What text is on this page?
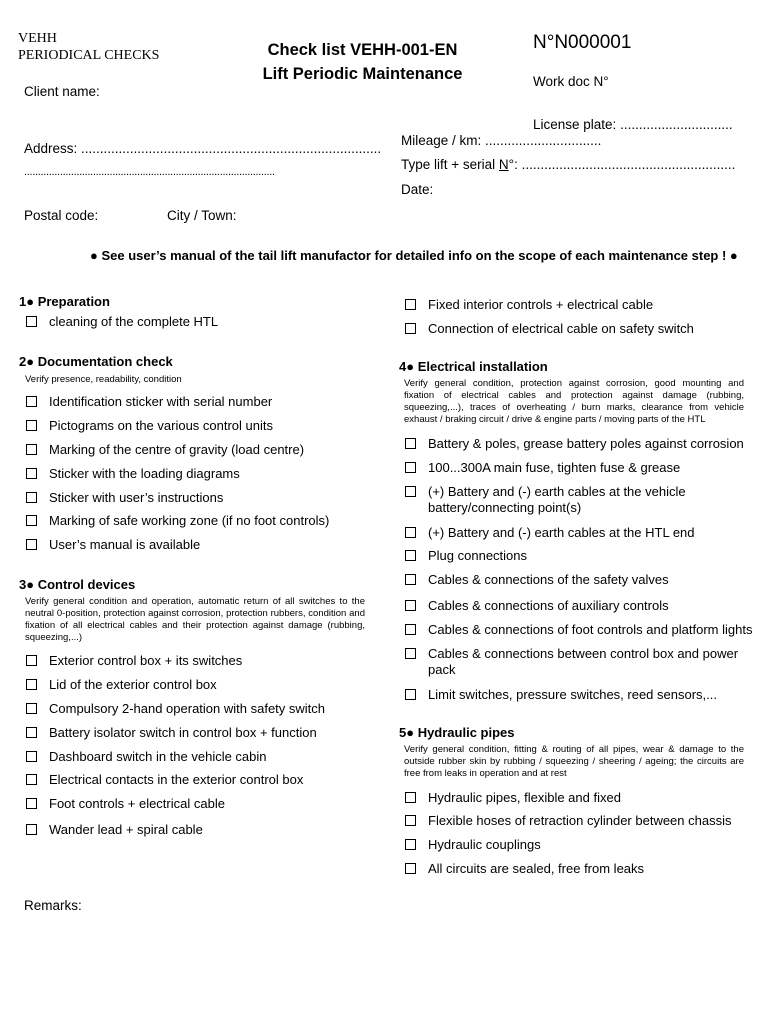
VEHH
PERIODICAL CHECKS	Check list VEHH-001-EN
Lift Periodic Maintenance
N°N000001
Work doc N°
Client name:
License plate: ..............................
Mileage / km: ...............................
Address: ................................................................................
Type lift + serial N°: .........................................................
...........................................................................................
Date:
Postal code:	City / Town:
● See user’s manual of the tail lift manufactor for detailed info on the scope of each maintenance step ! ●
1● Preparation
cleaning of the complete HTL
2● Documentation check
Verify presence, readability, condition
Identification sticker with serial number
Pictograms on the various control units
Marking of the centre of gravity (load centre)
Sticker with the loading diagrams
Sticker with user’s instructions
Marking of safe working zone (if no foot controls)
User’s manual is available
3● Control devices
Verify general condition and operation, automatic return of all switches to the neutral 0-position, protection against corrosion, protection rubbers, condition and fixation of all electrical cables and their protection against damage (rubbing, squeezing,...)
Exterior control box + its switches
Lid of the exterior control box
Compulsory 2-hand operation with safety switch
Battery isolator switch in control box + function
Dashboard switch in the vehicle cabin
Electrical contacts in the exterior control box
Foot controls + electrical cable
Wander lead + spiral cable
Remarks:
Fixed interior controls + electrical cable
Connection of electrical cable on safety switch
4● Electrical installation
Verify general condition, protection against corrosion, good mounting and fixation of electrical cables and protection against damage (rubbing, squeezing,...), traces of overheating / burn marks, clearance from vehicle exhaust / braking circuit / drive & engine parts / moving parts of the HTL
Battery & poles, grease battery poles against corrosion
100...300A main fuse, tighten fuse & grease
(+) Battery and (-) earth cables at the vehicle battery/connecting point(s)
(+) Battery and (-) earth cables at the HTL end
Plug connections
Cables & connections of the safety valves
Cables & connections of auxiliary controls
Cables & connections of foot controls and platform lights
Cables & connections between control box and power pack
Limit switches, pressure switches, reed sensors,...
5● Hydraulic pipes
Verify general condition, fitting & routing of all pipes, wear & damage to the outside rubber skin by rubbing / squeezing / sheering / ageing; the circuits are free from leaks in operation and at rest
Hydraulic pipes, flexible and fixed
Flexible hoses of retraction cylinder between chassis
Hydraulic couplings
All circuits are sealed, free from leaks
